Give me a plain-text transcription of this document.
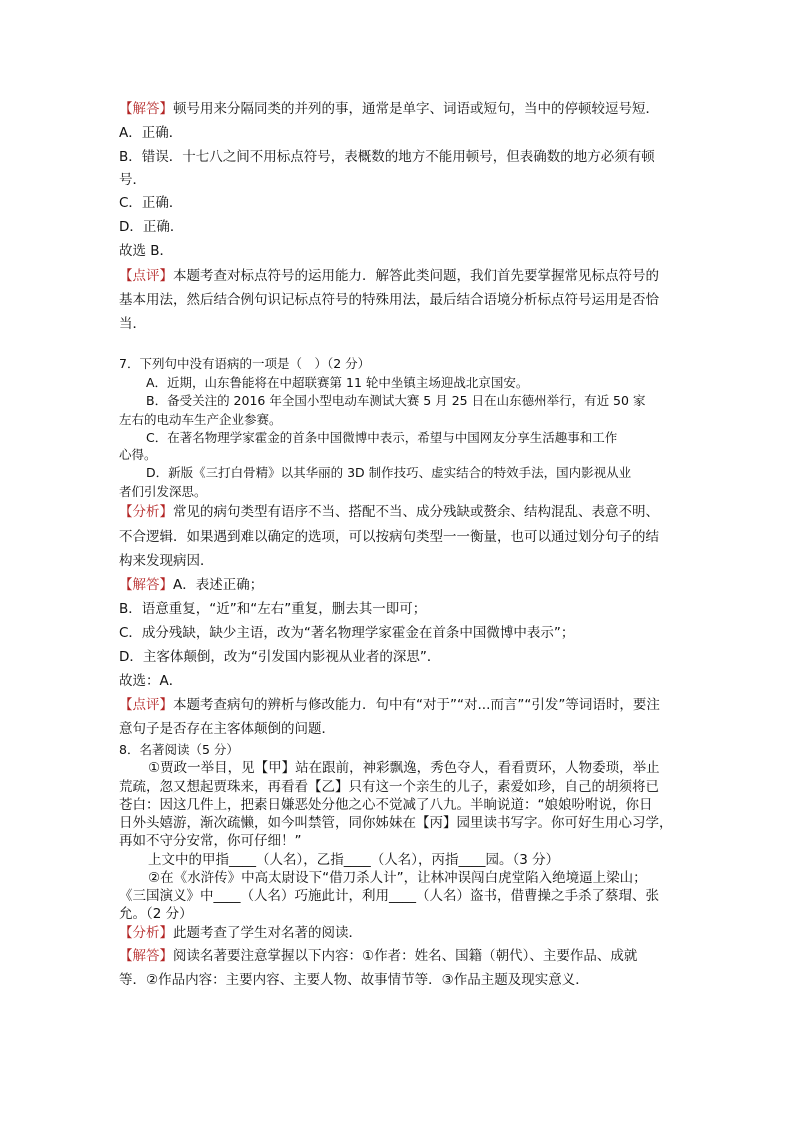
【解答】顿号用来分隔同类的并列的事，通常是单字、词语或短句，当中的停顿较逗号短．
A．正确．
B．错误．十七八之间不用标点符号，表概数的地方不能用顿号，但表确数的地方必须有顿
号．
C．正确．
D．正确．
故选 B．
【点评】本题考查对标点符号的运用能力．解答此类问题，我们首先要掌握常见标点符号的
基本用法，然后结合例句识记标点符号的特殊用法，最后结合语境分析标点符号运用是否恰
当．
7．下列句中没有语病的一项是（　）（2 分）
A．近期，山东鲁能将在中超联赛第 11 轮中坐镇主场迎战北京国安。
B．备受关注的 2016 年全国小型电动车测试大赛 5 月 25 日在山东德州举行，有近 50 家
左右的电动车生产企业参赛。
C．在著名物理学家霍金的首条中国微博中表示，希望与中国网友分享生活趣事和工作
心得。
D．新版《三打白骨精》以其华丽的 3D 制作技巧、虚实结合的特效手法，国内影视从业
者们引发深思。
【分析】常见的病句类型有语序不当、搭配不当、成分残缺或赘余、结构混乱、表意不明、
不合逻辑．如果遇到难以确定的选项，可以按病句类型一一衡量，也可以通过划分句子的结
构来发现病因．
【解答】A．表述正确；
B．语意重复，“近”和“左右”重复，删去其一即可；
C．成分残缺，缺少主语，改为“著名物理学家霍金在首条中国微博中表示”；
D．主客体颠倒，改为“引发国内影视从业者的深思”．
故选：A．
【点评】本题考查病句的辨析与修改能力．句中有“对于”“对...而言”“引发”等词语时，要注
意句子是否存在主客体颠倒的问题．
8．名著阅读（5 分）
①贾政一举目，见【甲】站在跟前，神彩飘逸，秀色夺人，看看贾环，人物委琐，举止
荒疏，忽又想起贾珠来，再看看【乙】只有这一个亲生的儿子，素爱如珍，自己的胡须将已
苍白：因这几件上，把素日嫌恶处分他之心不觉减了八九。半晌说道：“娘娘吩咐说，你日
日外头嬉游，渐次疏懒，如今叫禁管，同你姊妹在【丙】园里读书写字。你可好生用心习学，
再如不守分安常，你可仔细！”
上文中的甲指____（人名），乙指____（人名），丙指____园。（3 分）
②在《水浒传》中高太尉设下“借刀杀人计”，让林冲误闯白虎堂陷入绝境逼上梁山；
《三国演义》中____（人名）巧施此计，利用____（人名）盗书，借曹操之手杀了蔡瑁、张
允。（2 分）
【分析】此题考查了学生对名著的阅读．
【解答】阅读名著要注意掌握以下内容：①作者：姓名、国籍（朝代）、主要作品、成就
等．②作品内容：主要内容、主要人物、故事情节等．③作品主题及现实意义．
